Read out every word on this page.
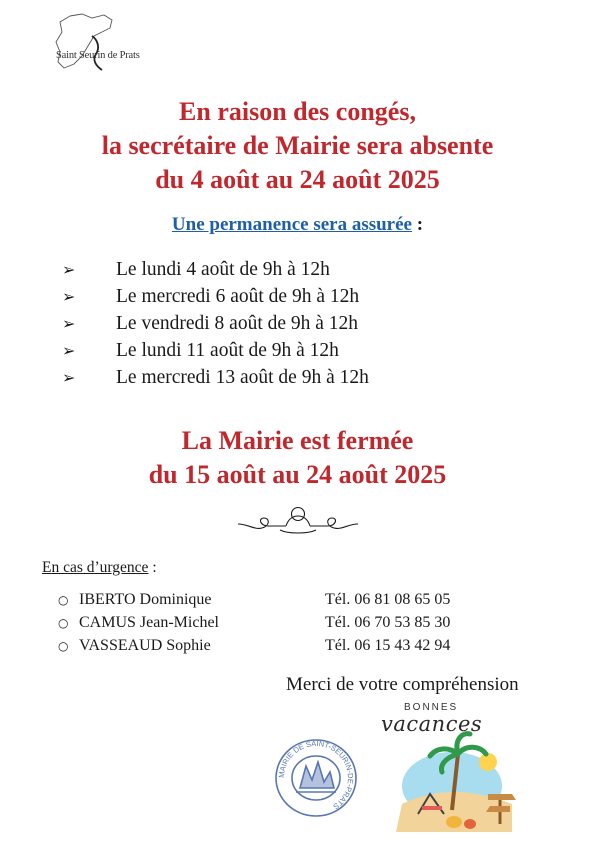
Saint Seurin de Prats
En raison des congés,
la secrétaire de Mairie sera absente
du 4 août au 24 août 2025
Une permanence sera assurée :
➢	Le lundi 4 août de 9h à 12h
➢	Le mercredi 6 août de 9h à 12h
➢	Le vendredi 8 août de 9h à 12h
➢	Le lundi 11 août de 9h à 12h
➢	Le mercredi 13 août de 9h à 12h
La Mairie est fermée
du 15 août au 24 août 2025
En cas d’urgence :
○ IBERTO Dominique	Tél. 06 81 08 65 05
○ CAMUS Jean-Michel	Tél. 06 70 53 85 30
○ VASSEAUD Sophie	Tél. 06 15 43 42 94
Merci de votre compréhension
MAIRIE DE SAINT-SEURIN-DE-PRATS
BONNES
vacances
